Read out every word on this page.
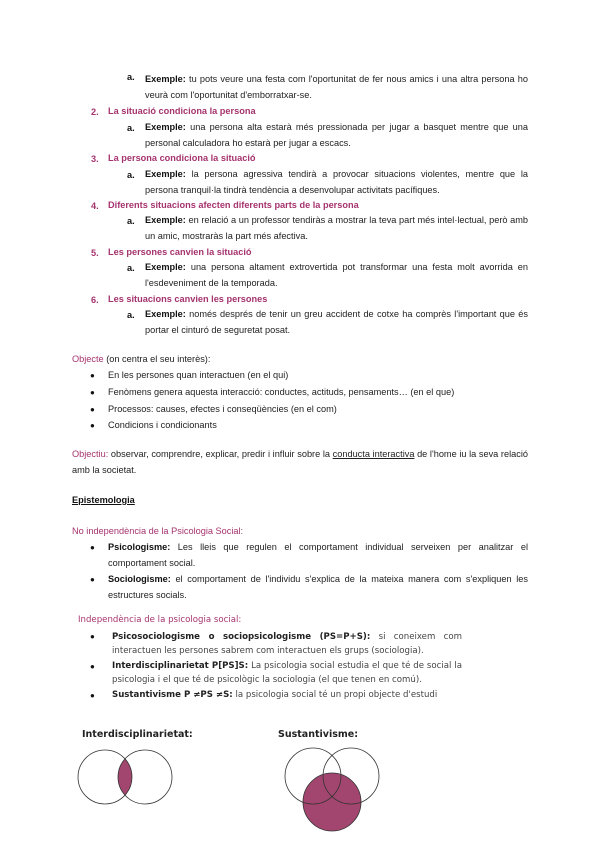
a. Exemple: tu pots veure una festa com l'oportunitat de fer nous amics i una altra persona ho veurà com l'oportunitat d'emborratxar-se.
2. La situació condiciona la persona
a. Exemple: una persona alta estarà més pressionada per jugar a basquet mentre que una personal calculadora ho estarà per jugar a escacs.
3. La persona condiciona la situació
a. Exemple: la persona agressiva tendirà a provocar situacions violentes, mentre que la persona tranquil·la tindrà tendència a desenvolupar activitats pacífiques.
4. Diferents situacions afecten diferents parts de la persona
a. Exemple: en relació a un professor tendiràs a mostrar la teva part més intel·lectual, però amb un amic, mostraràs la part més afectiva.
5. Les persones canvien la situació
a. Exemple: una persona altament extrovertida pot transformar una festa molt avorrida en l'esdeveniment de la temporada.
6. Les situacions canvien les persones
a. Exemple: només després de tenir un greu accident de cotxe ha comprès l'important que és portar el cinturó de seguretat posat.
Objecte (on centra el seu interès):
● En les persones quan interactuen (en el qui)
● Fenòmens genera aquesta interacció: conductes, actituds, pensaments… (en el que)
● Processos: causes, efectes i conseqüències (en el com)
● Condicions i condicionants
Objectiu: observar, comprendre, explicar, predir i influir sobre la conducta interactiva de l'home iu la seva relació amb la societat.
Epistemologia
No independència de la Psicologia Social:
● Psicologisme: Les lleis que regulen el comportament individual serveixen per analitzar el comportament social.
● Sociologisme: el comportament de l'individu s'explica de la mateixa manera com s'expliquen les estructures socials.
Independència de la psicologia social:
● Psicosociologisme o sociopsicologisme (PS=P+S): si coneixem com interactuen les persones sabrem com interactuen els grups (sociologia).
● Interdisciplinarietat P[PS]S: La psicologia social estudia el que té de social la psicologia i el que té de psicològic la sociologia (el que tenen en comú).
● Sustantivisme P ≠PS ≠S: la psicologia social té un propi objecte d'estudi
Interdisciplinarietat:	Sustantivisme:
